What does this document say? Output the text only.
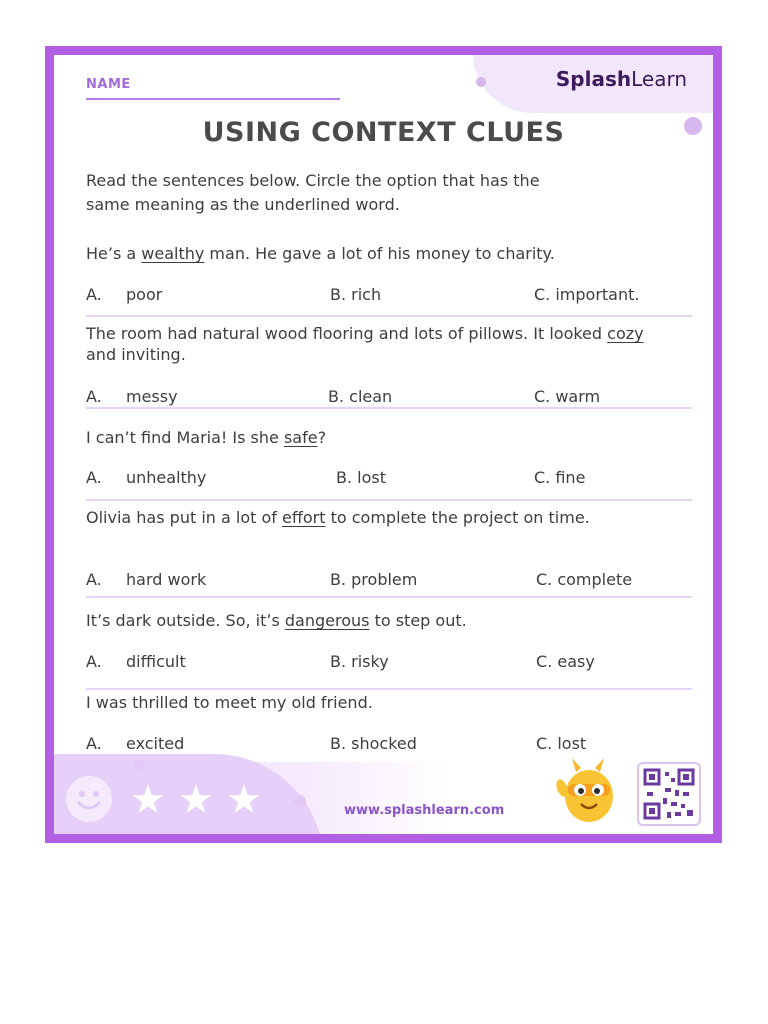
NAME	SplashLearn
USING CONTEXT CLUES
Read the sentences below. Circle the option that has the
same meaning as the underlined word.
He’s a wealthy man. He gave a lot of his money to charity.
A. poor	B. rich	C. important.
The room had natural wood flooring and lots of pillows. It looked cozy and inviting.
A. messy	B. clean	C. warm
I can’t find Maria! Is she safe?
A. unhealthy	B. lost	C. fine
Olivia has put in a lot of effort to complete the project on time.
A. hard work	B. problem	C. complete
It’s dark outside. So, it’s dangerous to step out.
A. difficult	B. risky	C. easy
I was thrilled to meet my old friend.
A. excited	B. shocked	C. lost
★ ★ ★	www.splashlearn.com
